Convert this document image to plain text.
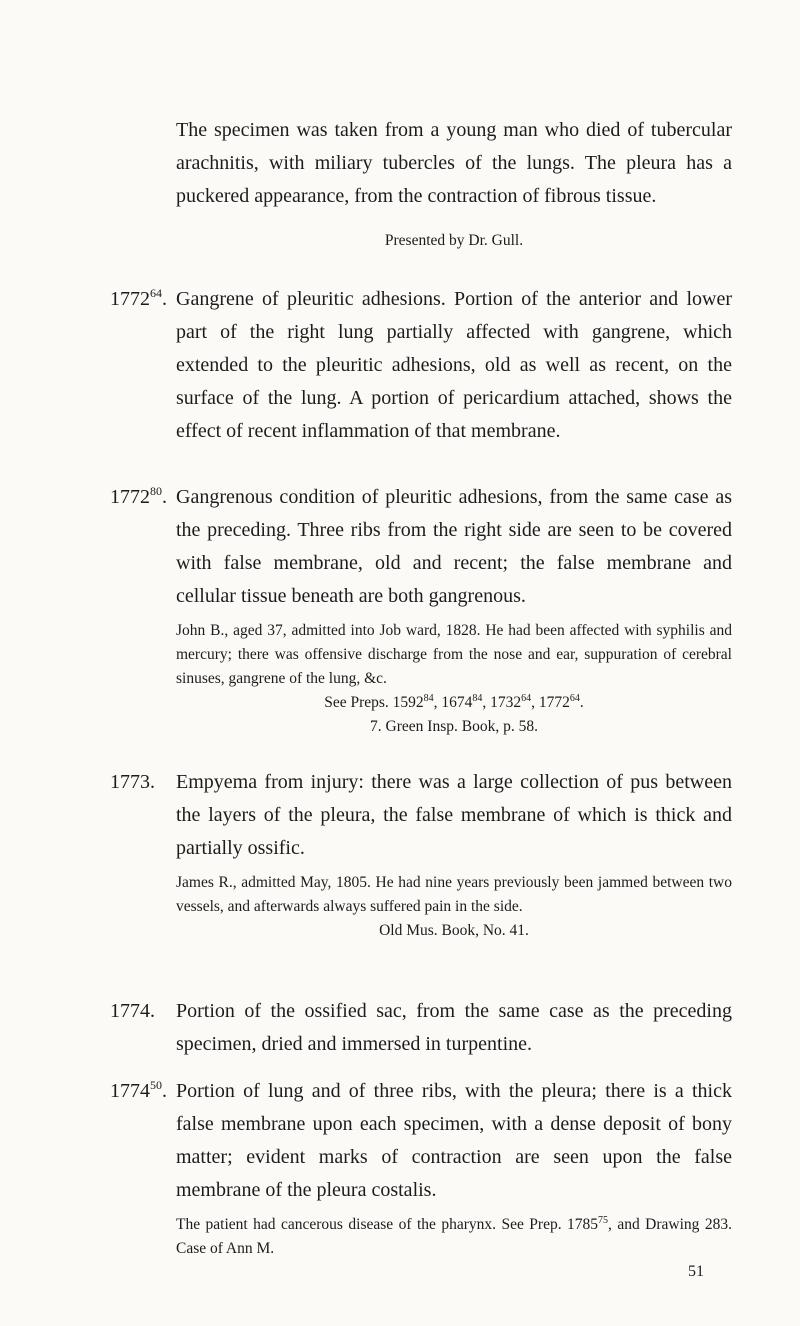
The specimen was taken from a young man who died of tubercular arachnitis, with miliary tubercles of the lungs. The pleura has a puckered appearance, from the contraction of fibrous tissue.
Presented by Dr. Gull.
1772$^{64}$. Gangrene of pleuritic adhesions. Portion of the anterior and lower part of the right lung partially affected with gangrene, which extended to the pleuritic adhesions, old as well as recent, on the surface of the lung. A portion of pericardium attached, shows the effect of recent inflammation of that membrane.
1772$^{80}$. Gangrenous condition of pleuritic adhesions, from the same case as the preceding. Three ribs from the right side are seen to be covered with false membrane, old and recent; the false membrane and cellular tissue beneath are both gangrenous.
John B., aged 37, admitted into Job ward, 1828. He had been affected with syphilis and mercury; there was offensive discharge from the nose and ear, suppuration of cerebral sinuses, gangrene of the lung, &c.
See Preps. 1592$^{84}$, 1674$^{84}$, 1732$^{64}$, 1772$^{64}$.
7. Green Insp. Book, p. 58.
1773. Empyema from injury: there was a large collection of pus between the layers of the pleura, the false membrane of which is thick and partially ossific.
James R., admitted May, 1805. He had nine years previously been jammed between two vessels, and afterwards always suffered pain in the side.
Old Mus. Book, No. 41.
1774. Portion of the ossified sac, from the same case as the preceding specimen, dried and immersed in turpentine.
1774$^{50}$. Portion of lung and of three ribs, with the pleura; there is a thick false membrane upon each specimen, with a dense deposit of bony matter; evident marks of contraction are seen upon the false membrane of the pleura costalis.
The patient had cancerous disease of the pharynx. See Prep. 1785$^{75}$, and Drawing 283. Case of Ann M.
51
